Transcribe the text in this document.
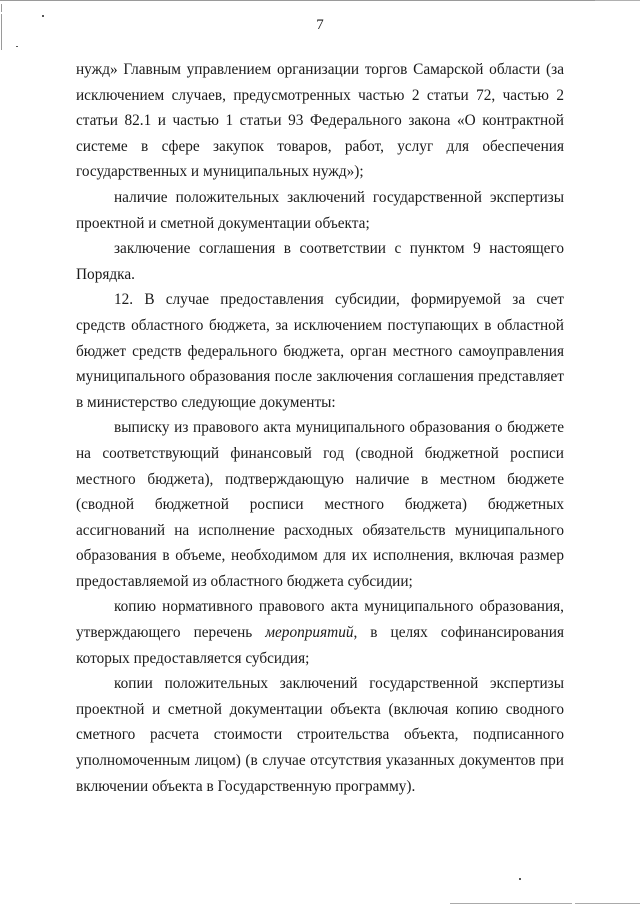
7

нужд» Главным управлением организации торгов Самарской области (за исключением случаев, предусмотренных частью 2 статьи 72, частью 2 статьи 82.1 и частью 1 статьи 93 Федерального закона «О контрактной системе в сфере закупок товаров, работ, услуг для обеспечения государственных и муниципальных нужд»);

наличие положительных заключений государственной экспертизы проектной и сметной документации объекта;

заключение соглашения в соответствии с пунктом 9 настоящего Порядка.

12. В случае предоставления субсидии, формируемой за счет средств областного бюджета, за исключением поступающих в областной бюджет средств федерального бюджета, орган местного самоуправления муниципального образования после заключения соглашения представляет в министерство следующие документы:

выписку из правового акта муниципального образования о бюджете на соответствующий финансовый год (сводной бюджетной росписи местного бюджета), подтверждающую наличие в местном бюджете (сводной бюджетной росписи местного бюджета) бюджетных ассигнований на исполнение расходных обязательств муниципального образования в объеме, необходимом для их исполнения, включая размер предоставляемой из областного бюджета субсидии;

копию нормативного правового акта муниципального образования, утверждающего перечень мероприятий, в целях софинансирования которых предоставляется субсидия;

копии положительных заключений государственной экспертизы проектной и сметной документации объекта (включая копию сводного сметного расчета стоимости строительства объекта, подписанного уполномоченным лицом) (в случае отсутствия указанных документов при включении объекта в Государственную программу).
